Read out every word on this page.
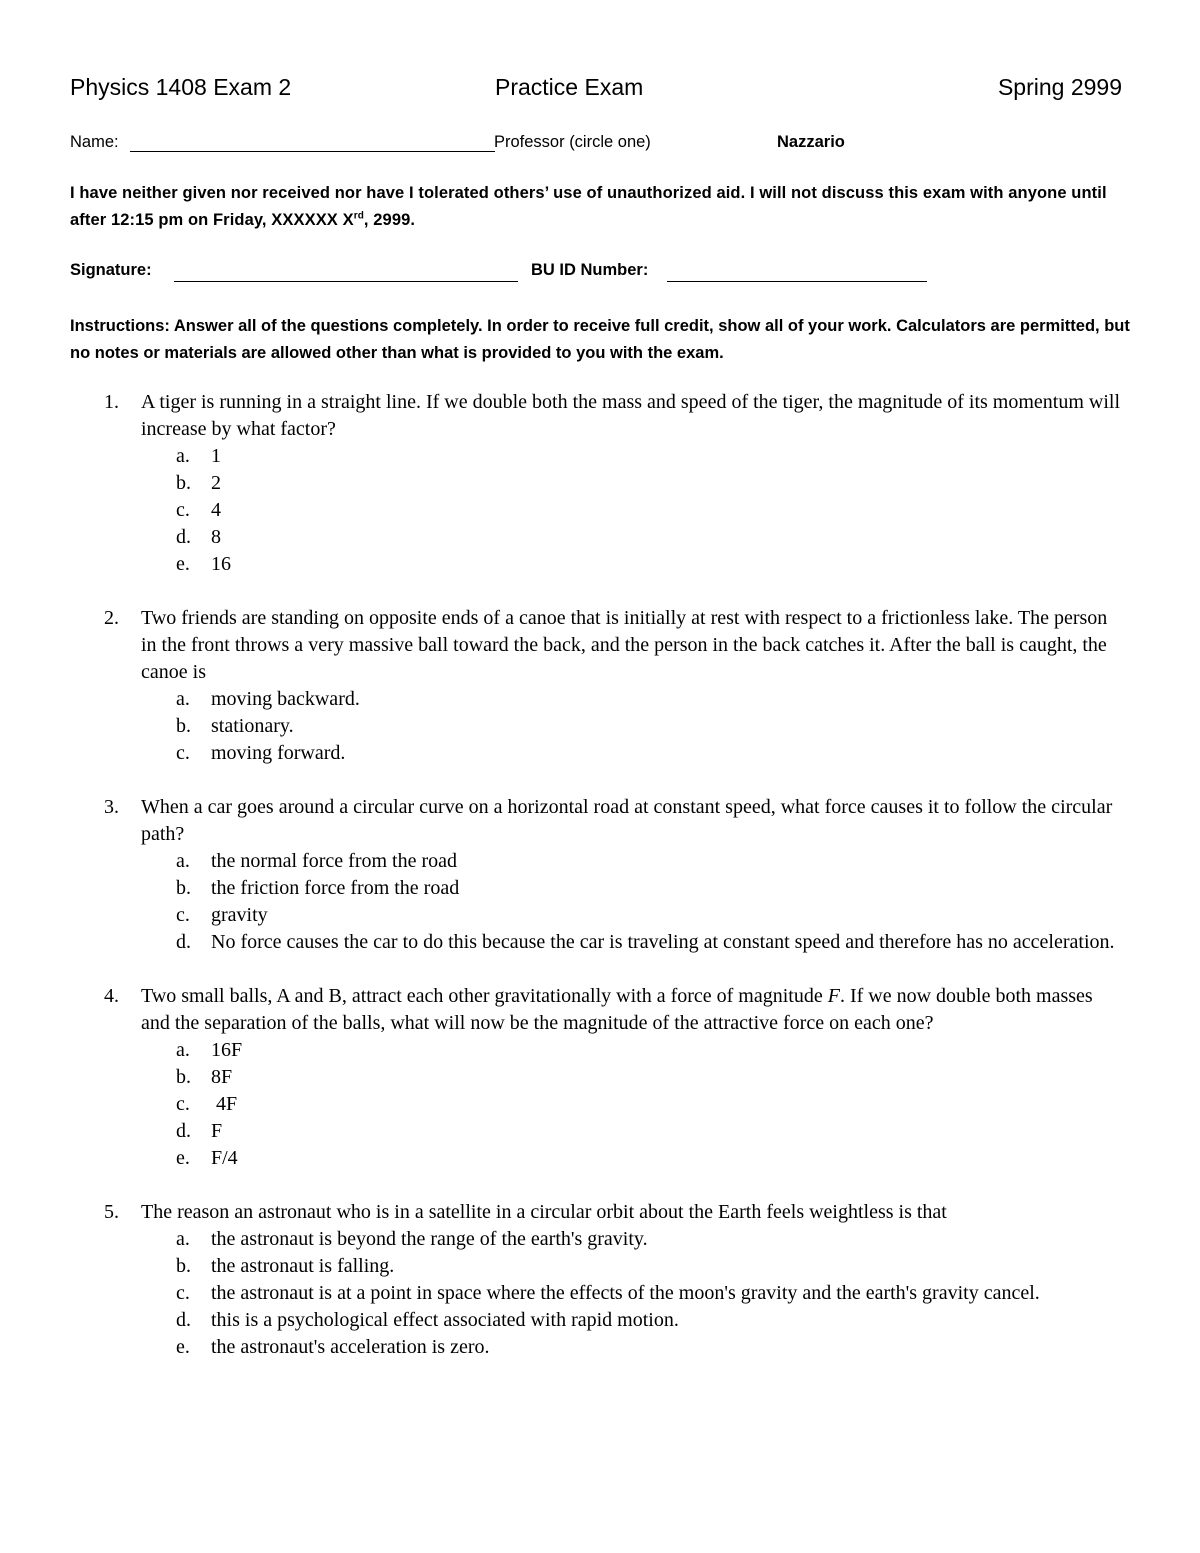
Physics 1408 Exam 2	Practice Exam	Spring 2999
Name:	Professor (circle one)	Nazzario
I have neither given nor received nor have I tolerated others’ use of unauthorized aid. I will not discuss this exam with anyone until after 12:15 pm on Friday, XXXXXX Xrd, 2999.
Signature:	BU ID Number:
Instructions: Answer all of the questions completely. In order to receive full credit, show all of your work. Calculators are permitted, but no notes or materials are allowed other than what is provided to you with the exam.
1. A tiger is running in a straight line. If we double both the mass and speed of the tiger, the magnitude of its momentum will increase by what factor?

a. 1
b. 2
c. 4
d. 8
e. 16
2. Two friends are standing on opposite ends of a canoe that is initially at rest with respect to a frictionless lake. The person in the front throws a very massive ball toward the back, and the person in the back catches it. After the ball is caught, the canoe is

a. moving backward.
b. stationary.
c. moving forward.
3. When a car goes around a circular curve on a horizontal road at constant speed, what force causes it to follow the circular path?

a. the normal force from the road
b. the friction force from the road
c. gravity
d. No force causes the car to do this because the car is traveling at constant speed and therefore has no acceleration.
4. Two small balls, A and B, attract each other gravitationally with a force of magnitude F. If we now double both masses and the separation of the balls, what will now be the magnitude of the attractive force on each one?

a. 16F
b. 8F
c. 4F
d. F
e. F/4
5. The reason an astronaut who is in a satellite in a circular orbit about the Earth feels weightless is that

a. the astronaut is beyond the range of the earth's gravity.
b. the astronaut is falling.
c. the astronaut is at a point in space where the effects of the moon's gravity and the earth's gravity cancel.
d. this is a psychological effect associated with rapid motion.
e. the astronaut's acceleration is zero.
